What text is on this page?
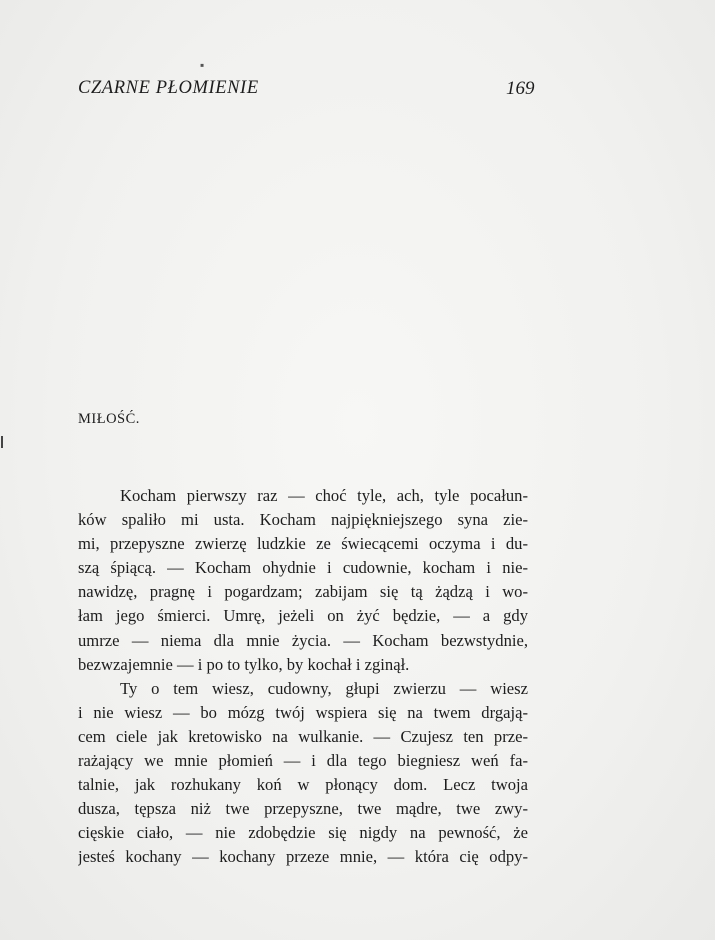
▪
CZARNE PŁOMIENIE	169
MIŁOŚĆ.
Kocham pierwszy raz — choć tyle, ach, tyle pocałun-
ków spaliło mi usta. Kocham najpiękniejszego syna zie-
mi, przepyszne zwierzę ludzkie ze świecącemi oczyma i du-
szą śpiącą. — Kocham ohydnie i cudownie, kocham i nie-
nawidzę, pragnę i pogardzam; zabijam się tą żądzą i wo-
łam jego śmierci. Umrę, jeżeli on żyć będzie, — a gdy
umrze — niema dla mnie życia. — Kocham bezwstydnie,
bezwzajemnie — i po to tylko, by kochał i zginął.
Ty o tem wiesz, cudowny, głupi zwierzu — wiesz
i nie wiesz — bo mózg twój wspiera się na twem drgają-
cem ciele jak kretowisko na wulkanie. — Czujesz ten prze-
rażający we mnie płomień — i dla tego biegniesz weń fa-
talnie, jak rozhukany koń w płonący dom. Lecz twoja
dusza, tępsza niż twe przepyszne, twe mądre, twe zwy-
cięskie ciało, — nie zdobędzie się nigdy na pewność, że
jesteś kochany — kochany przeze mnie, — która cię odpy-
